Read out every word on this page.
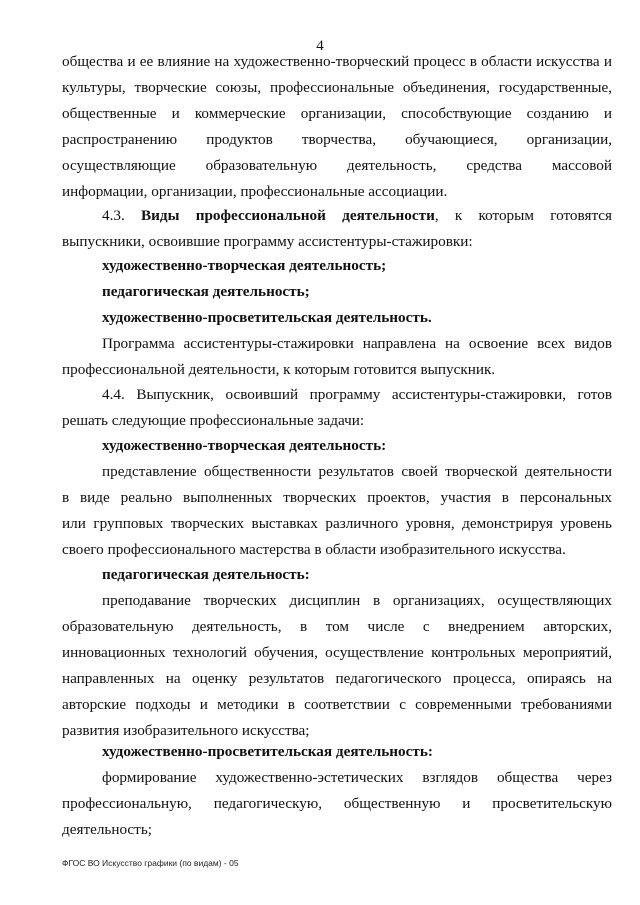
4
общества и ее влияние на художественно-творческий процесс в области искусства и
культуры, творческие союзы, профессиональные объединения, государственные,
общественные и коммерческие организации, способствующие созданию и
распространению продуктов творчества, обучающиеся, организации,
осуществляющие образовательную деятельность, средства массовой
информации, организации, профессиональные ассоциации.
4.3. Виды профессиональной деятельности, к которым готовятся
выпускники, освоившие программу ассистентуры-стажировки:
художественно-творческая деятельность;
педагогическая деятельность;
художественно-просветительская деятельность.
Программа ассистентуры-стажировки направлена на освоение всех видов
профессиональной деятельности, к которым готовится выпускник.
4.4. Выпускник, освоивший программу ассистентуры-стажировки, готов
решать следующие профессиональные задачи:
художественно-творческая деятельность:
представление общественности результатов своей творческой деятельности
в виде реально выполненных творческих проектов, участия в персональных
или групповых творческих выставках различного уровня, демонстрируя уровень
своего профессионального мастерства в области изобразительного искусства.
педагогическая деятельность:
преподавание творческих дисциплин в организациях, осуществляющих
образовательную деятельность, в том числе с внедрением авторских,
инновационных технологий обучения, осуществление контрольных мероприятий,
направленных на оценку результатов педагогического процесса, опираясь на
авторские подходы и методики в соответствии с современными требованиями
развития изобразительного искусства;
художественно-просветительская деятельность:
формирование художественно-эстетических взглядов общества через
профессиональную, педагогическую, общественную и просветительскую
деятельность;
ФГОС ВО Искусство графики (по видам) - 05
